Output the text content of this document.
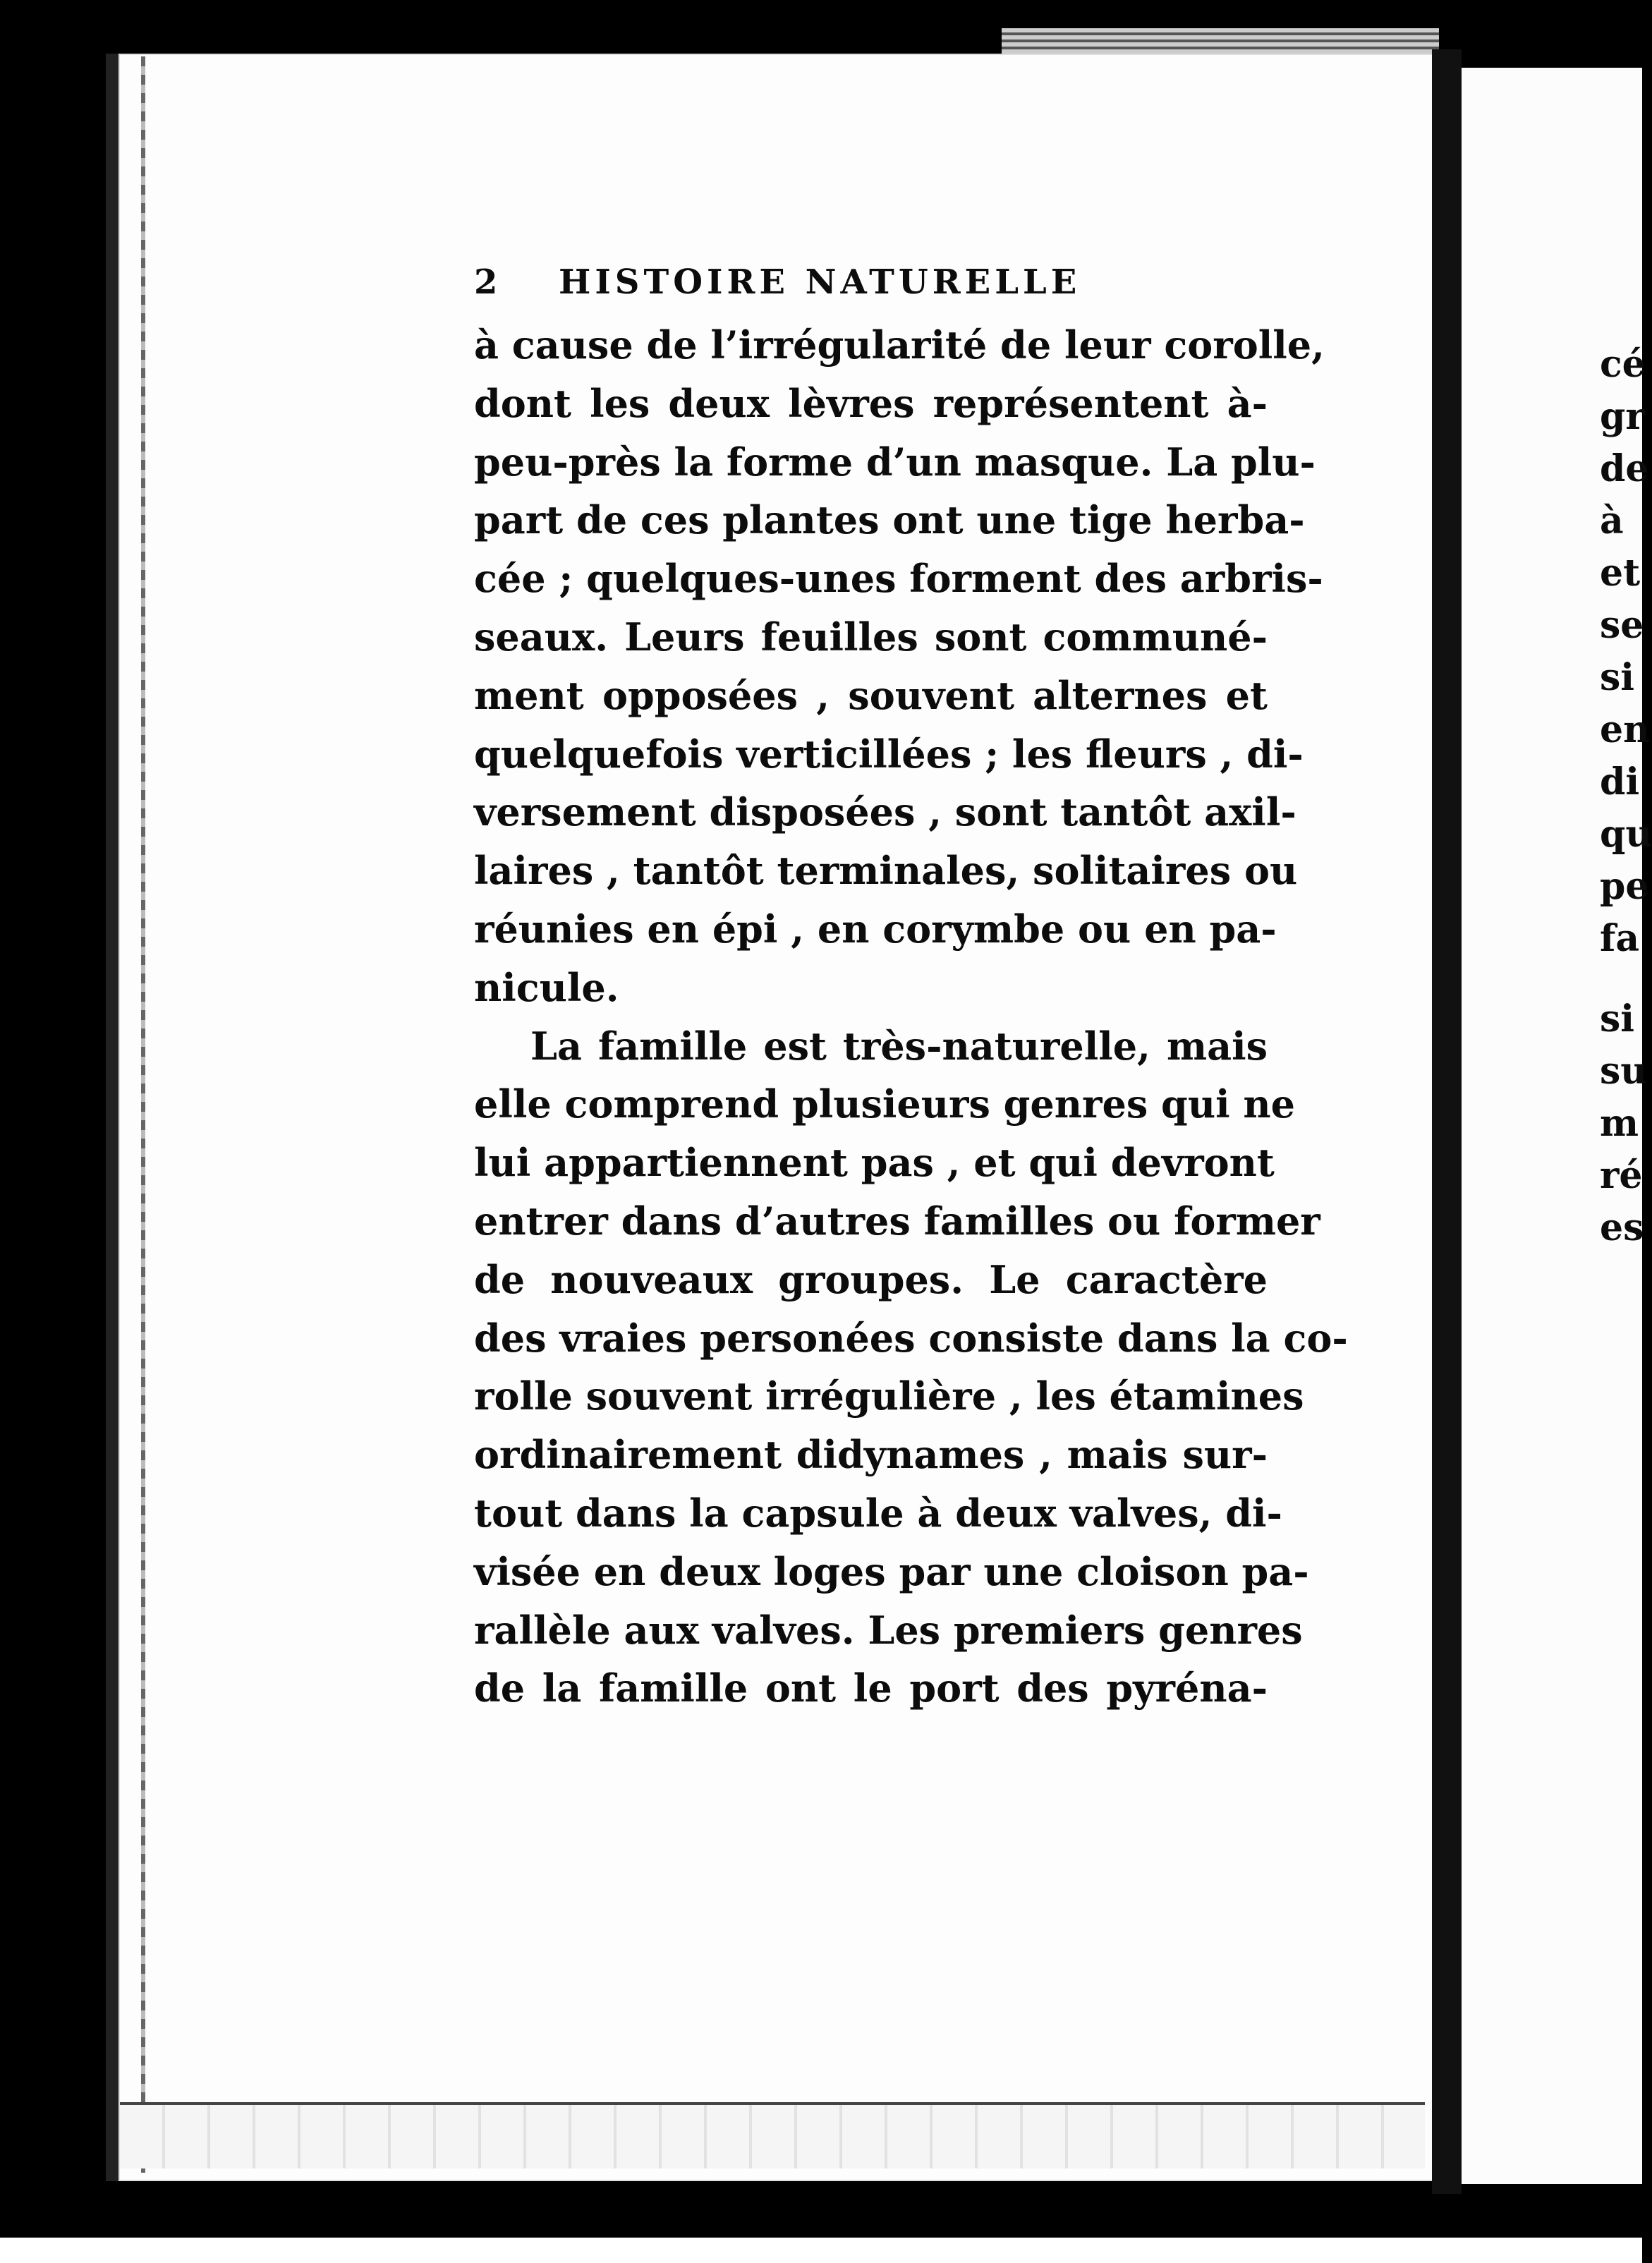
2	HISTOIRE NATURELLE
à cause de l’irrégularité de leur corolle,
dont les deux lèvres représentent à-
peu-près la forme d’un masque. La plu-
part de ces plantes ont une tige herba-
cée ; quelques-unes forment des arbris-
seaux. Leurs feuilles sont communé-
ment opposées , souvent alternes et
quelquefois verticillées ; les fleurs , di-
versement disposées , sont tantôt axil-
laires , tantôt terminales, solitaires ou
réunies en épi , en corymbe ou en pa-
nicule.
La famille est très-naturelle, mais
elle comprend plusieurs genres qui ne
lui appartiennent pas , et qui devront
entrer dans d’autres familles ou former
de nouveaux groupes. Le caractère
des vraies personées consiste dans la co-
rolle souvent irrégulière , les étamines
ordinairement didynames , mais sur-
tout dans la capsule à deux valves, di-
visée en deux loges par une cloison pa-
rallèle aux valves. Les premiers genres
de la famille ont le port des pyréna-
cé
gr
de
à
et
se
si
en
di
qu
pe
fa
si
su
m
ré
es
